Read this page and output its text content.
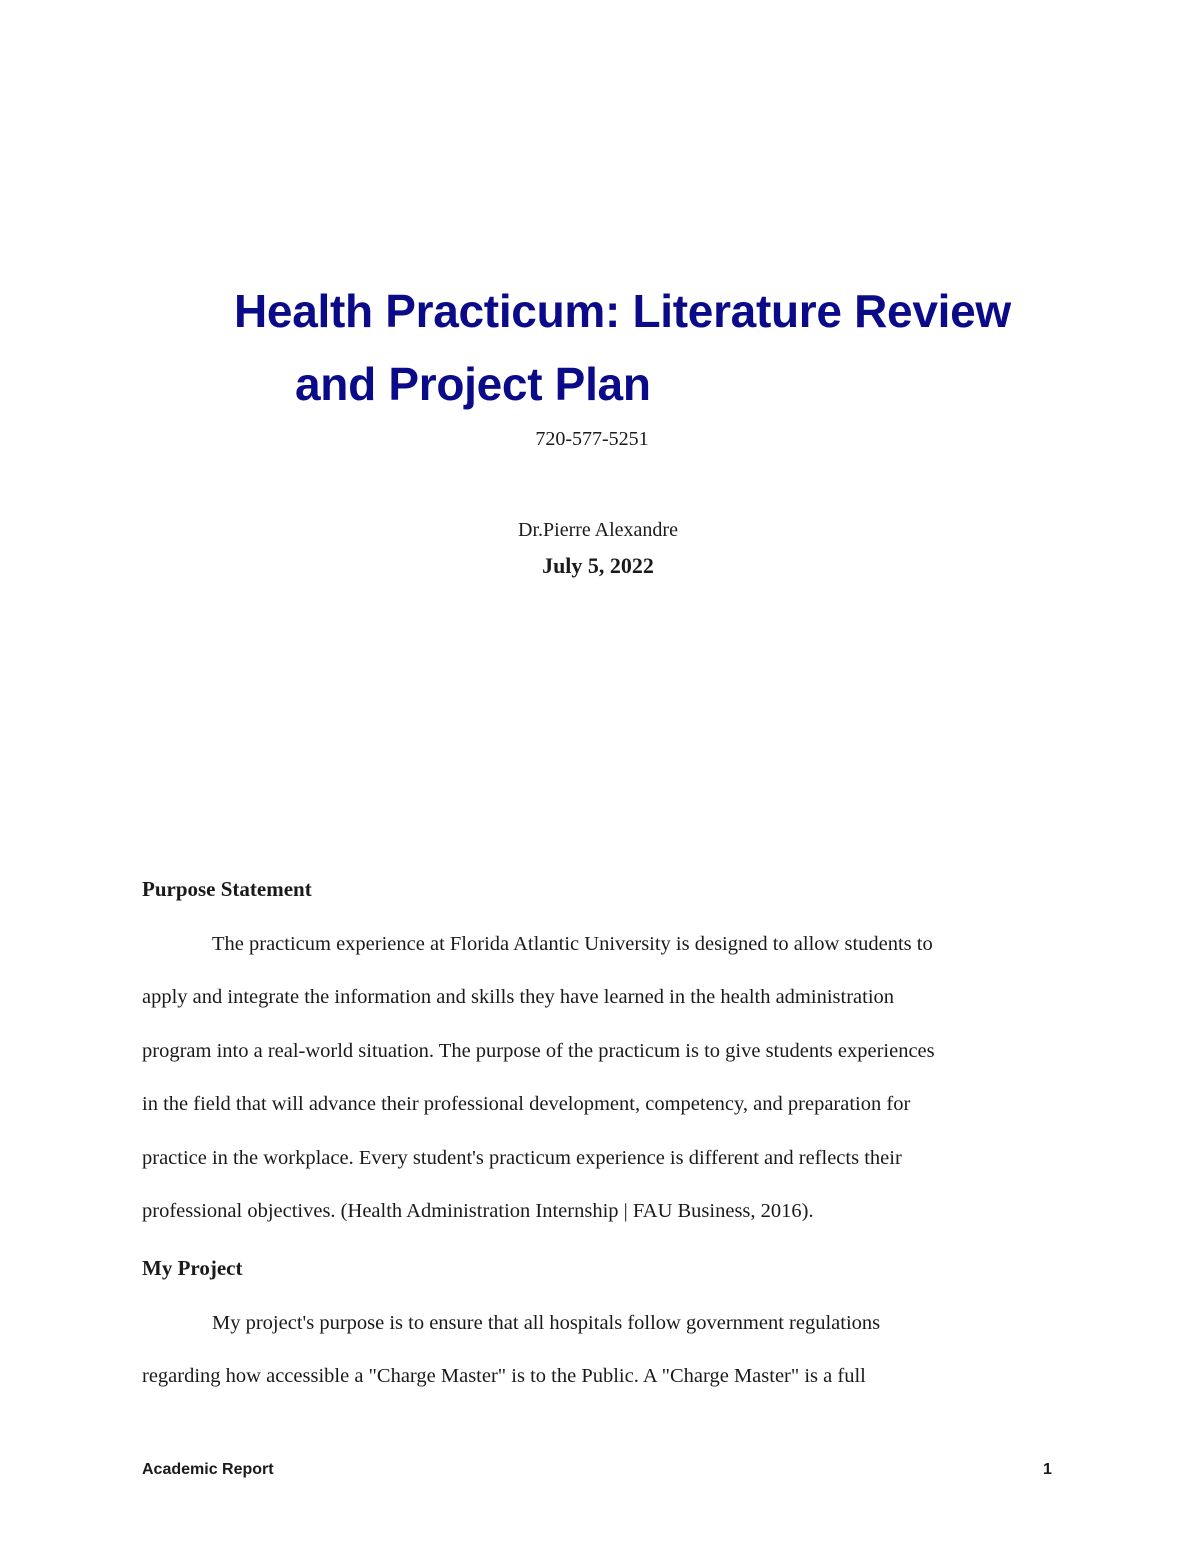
Health Practicum: Literature Review
and Project Plan
720-577-5251
Dr.Pierre Alexandre
July 5, 2022
Purpose Statement
The practicum experience at Florida Atlantic University is designed to allow students to
apply and integrate the information and skills they have learned in the health administration
program into a real-world situation. The purpose of the practicum is to give students experiences
in the field that will advance their professional development, competency, and preparation for
practice in the workplace. Every student's practicum experience is different and reflects their
professional objectives. (Health Administration Internship | FAU Business, 2016).
My Project
My project's purpose is to ensure that all hospitals follow government regulations
regarding how accessible a "Charge Master" is to the Public. A "Charge Master" is a full
Academic Report	1
